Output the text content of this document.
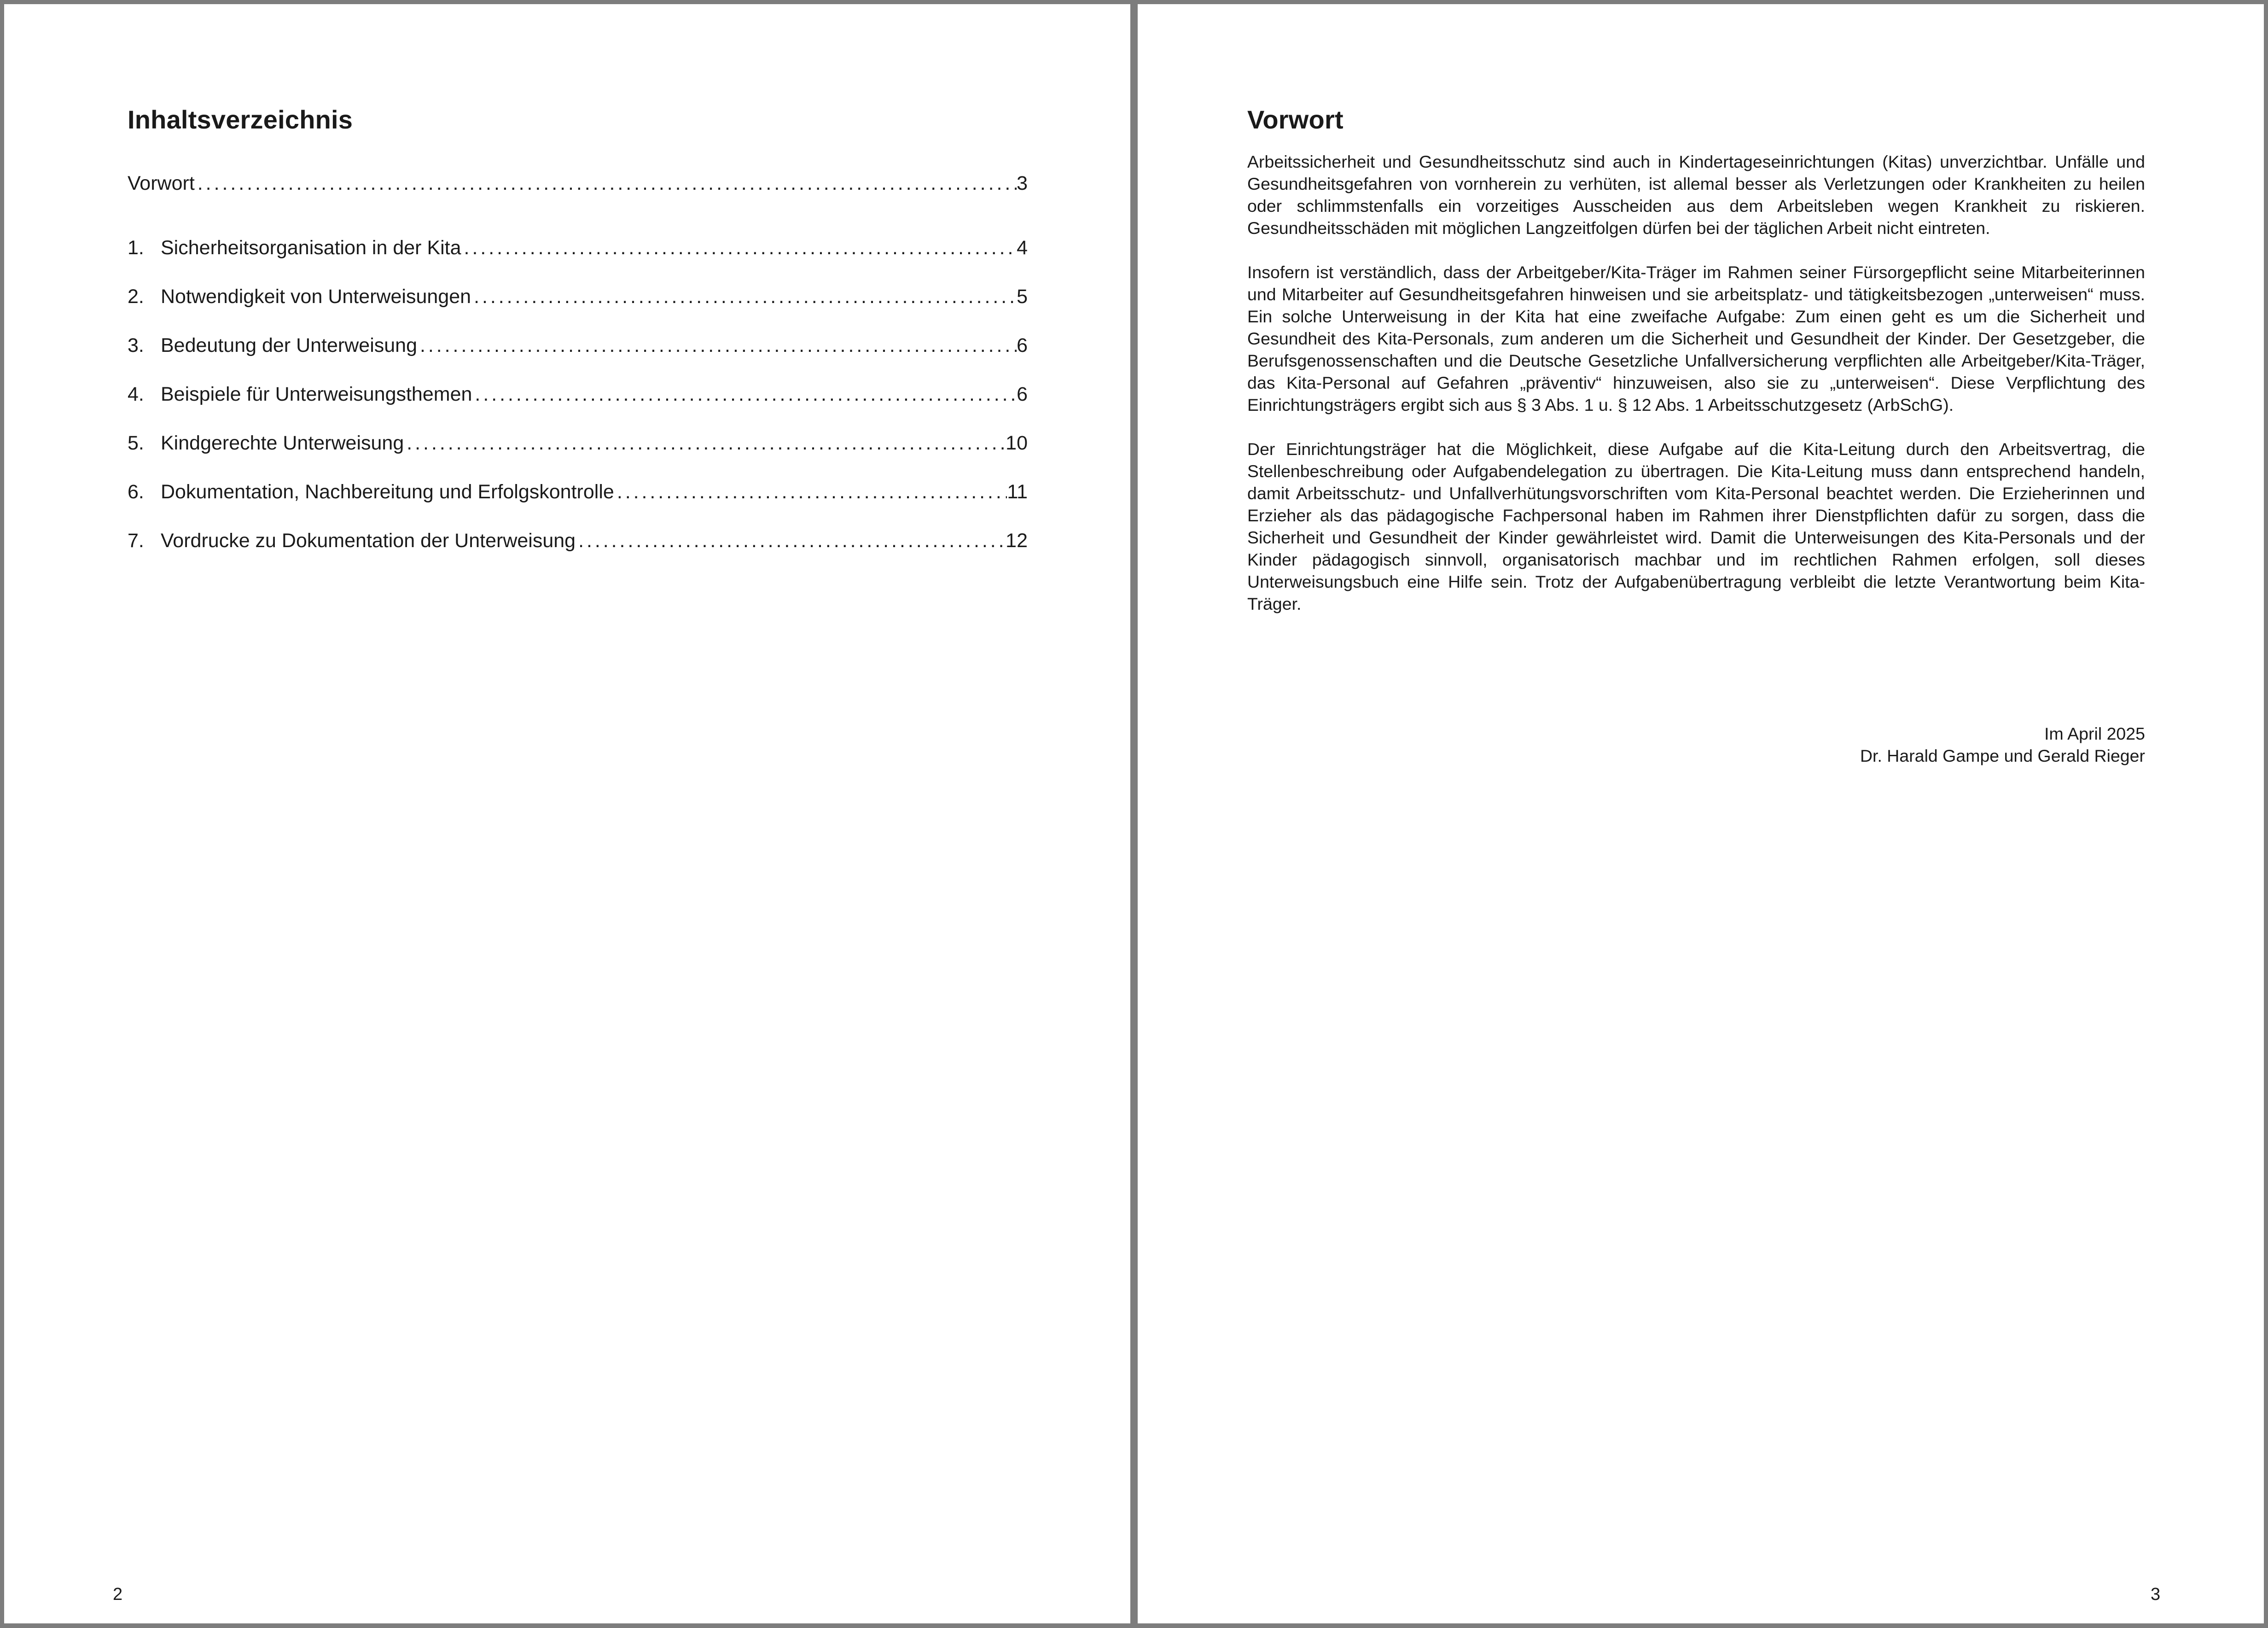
Inhaltsverzeichnis
Vorwort . . .	3
1. Sicherheitsorganisation in der Kita . . .	4
2. Notwendigkeit von Unterweisungen . . .	5
3. Bedeutung der Unterweisung . . .	6
4. Beispiele für Unterweisungsthemen . . .	6
5. Kindgerechte Unterweisung . . .	10
6. Dokumentation, Nachbereitung und Erfolgskontrolle . . .	11
7. Vordrucke zu Dokumentation der Unterweisung . . .	12
2
Vorwort

Arbeitssicherheit und Gesundheitsschutz sind auch in Kindertageseinrichtungen (Kitas) unverzichtbar. Unfälle und Gesundheitsgefahren von vornherein zu verhüten, ist allemal besser als Verletzungen oder Krankheiten zu heilen oder schlimmstenfalls ein vorzeitiges Ausscheiden aus dem Arbeitsleben wegen Krankheit zu riskieren. Gesundheitsschäden mit möglichen Langzeitfolgen dürfen bei der täglichen Arbeit nicht eintreten.

Insofern ist verständlich, dass der Arbeitgeber/Kita-Träger im Rahmen seiner Fürsorgepflicht seine Mitarbeiterinnen und Mitarbeiter auf Gesundheitsgefahren hinweisen und sie arbeitsplatz- und tätigkeitsbezogen „unterweisen“ muss. Ein solche Unterweisung in der Kita hat eine zweifache Aufgabe: Zum einen geht es um die Sicherheit und Gesundheit des Kita-Personals, zum anderen um die Sicherheit und Gesundheit der Kinder. Der Gesetzgeber, die Berufsgenossenschaften und die Deutsche Gesetzliche Unfallversicherung verpflichten alle Arbeitgeber/Kita-Träger, das Kita-Personal auf Gefahren „präventiv“ hinzuweisen, also sie zu „unterweisen“. Diese Verpflichtung des Einrichtungsträgers ergibt sich aus § 3 Abs. 1 u. § 12 Abs. 1 Arbeitsschutzgesetz (ArbSchG).

Der Einrichtungsträger hat die Möglichkeit, diese Aufgabe auf die Kita-Leitung durch den Arbeitsvertrag, die Stellenbeschreibung oder Aufgabendelegation zu übertragen. Die Kita-Leitung muss dann entsprechend handeln, damit Arbeitsschutz- und Unfallverhütungsvorschriften vom Kita-Personal beachtet werden. Die Erzieherinnen und Erzieher als das pädagogische Fachpersonal haben im Rahmen ihrer Dienstpflichten dafür zu sorgen, dass die Sicherheit und Gesundheit der Kinder gewährleistet wird. Damit die Unterweisungen des Kita-Personals und der Kinder pädagogisch sinnvoll, organisatorisch machbar und im rechtlichen Rahmen erfolgen, soll dieses Unterweisungsbuch eine Hilfe sein. Trotz der Aufgabenübertragung verbleibt die letzte Verantwortung beim Kita-Träger.

Im April 2025
Dr. Harald Gampe und Gerald Rieger
3
